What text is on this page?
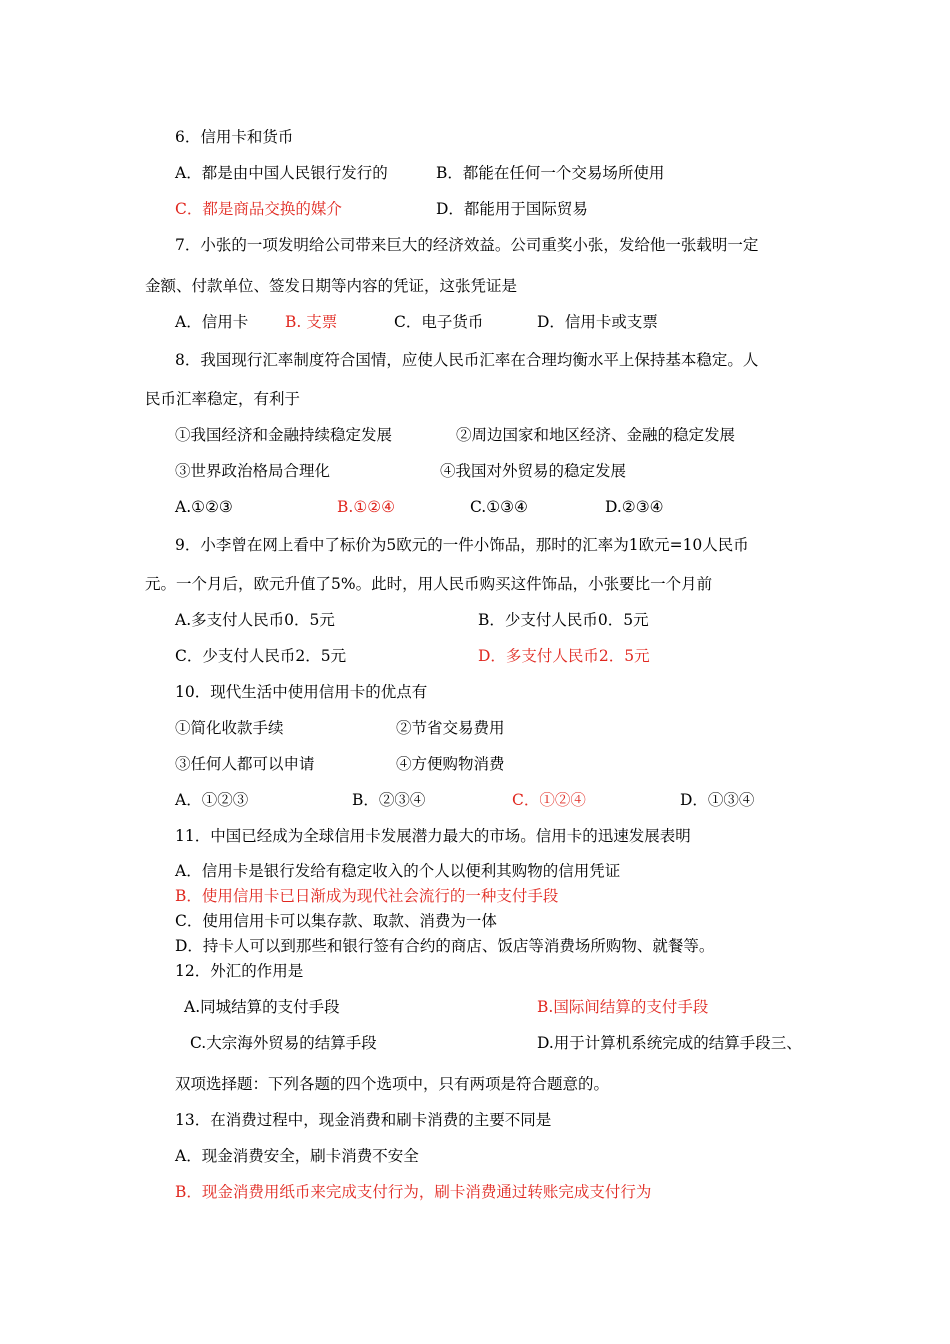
6．信用卡和货币
A．都是由中国人民银行发行的	B．都能在任何一个交易场所使用
C．都是商品交换的媒介	D．都能用于国际贸易
7．小张的一项发明给公司带来巨大的经济效益。公司重奖小张，发给他一张载明一定
金额、付款单位、签发日期等内容的凭证，这张凭证是
A．信用卡 B. 支票	C．电子货币	D．信用卡或支票
8．我国现行汇率制度符合国情，应使人民币汇率在合理均衡水平上保持基本稳定。人
民币汇率稳定，有利于
①我国经济和金融持续稳定发展	②周边国家和地区经济、金融的稳定发展
③世界政治格局合理化	④我国对外贸易的稳定发展
A.①②③	B.①②④	C.①③④	D.②③④
9．小李曾在网上看中了标价为5欧元的一件小饰品，那时的汇率为1欧元=10人民币
元。一个月后，欧元升值了5%。此时，用人民币购买这件饰品，小张要比一个月前
A.多支付人民币0．5元	B．少支付人民币0．5元
C．少支付人民币2．5元	D．多支付人民币2．5元
10．现代生活中使用信用卡的优点有
①简化收款手续	②节省交易费用
③任何人都可以申请	④方便购物消费
A．①②③	B．②③④	C．①②④	D．①③④
11．中国已经成为全球信用卡发展潜力最大的市场。信用卡的迅速发展表明
A．信用卡是银行发给有稳定收入的个人以便利其购物的信用凭证
B．使用信用卡已日渐成为现代社会流行的一种支付手段
C．使用信用卡可以集存款、取款、消费为一体
D．持卡人可以到那些和银行签有合约的商店、饭店等消费场所购物、就餐等。
12．外汇的作用是
A.同城结算的支付手段	B.国际间结算的支付手段
C.大宗海外贸易的结算手段	D.用于计算机系统完成的结算手段三、
双项选择题：下列各题的四个选项中，只有两项是符合题意的。
13．在消费过程中，现金消费和刷卡消费的主要不同是
A．现金消费安全，刷卡消费不安全
B．现金消费用纸币来完成支付行为，刷卡消费通过转账完成支付行为
